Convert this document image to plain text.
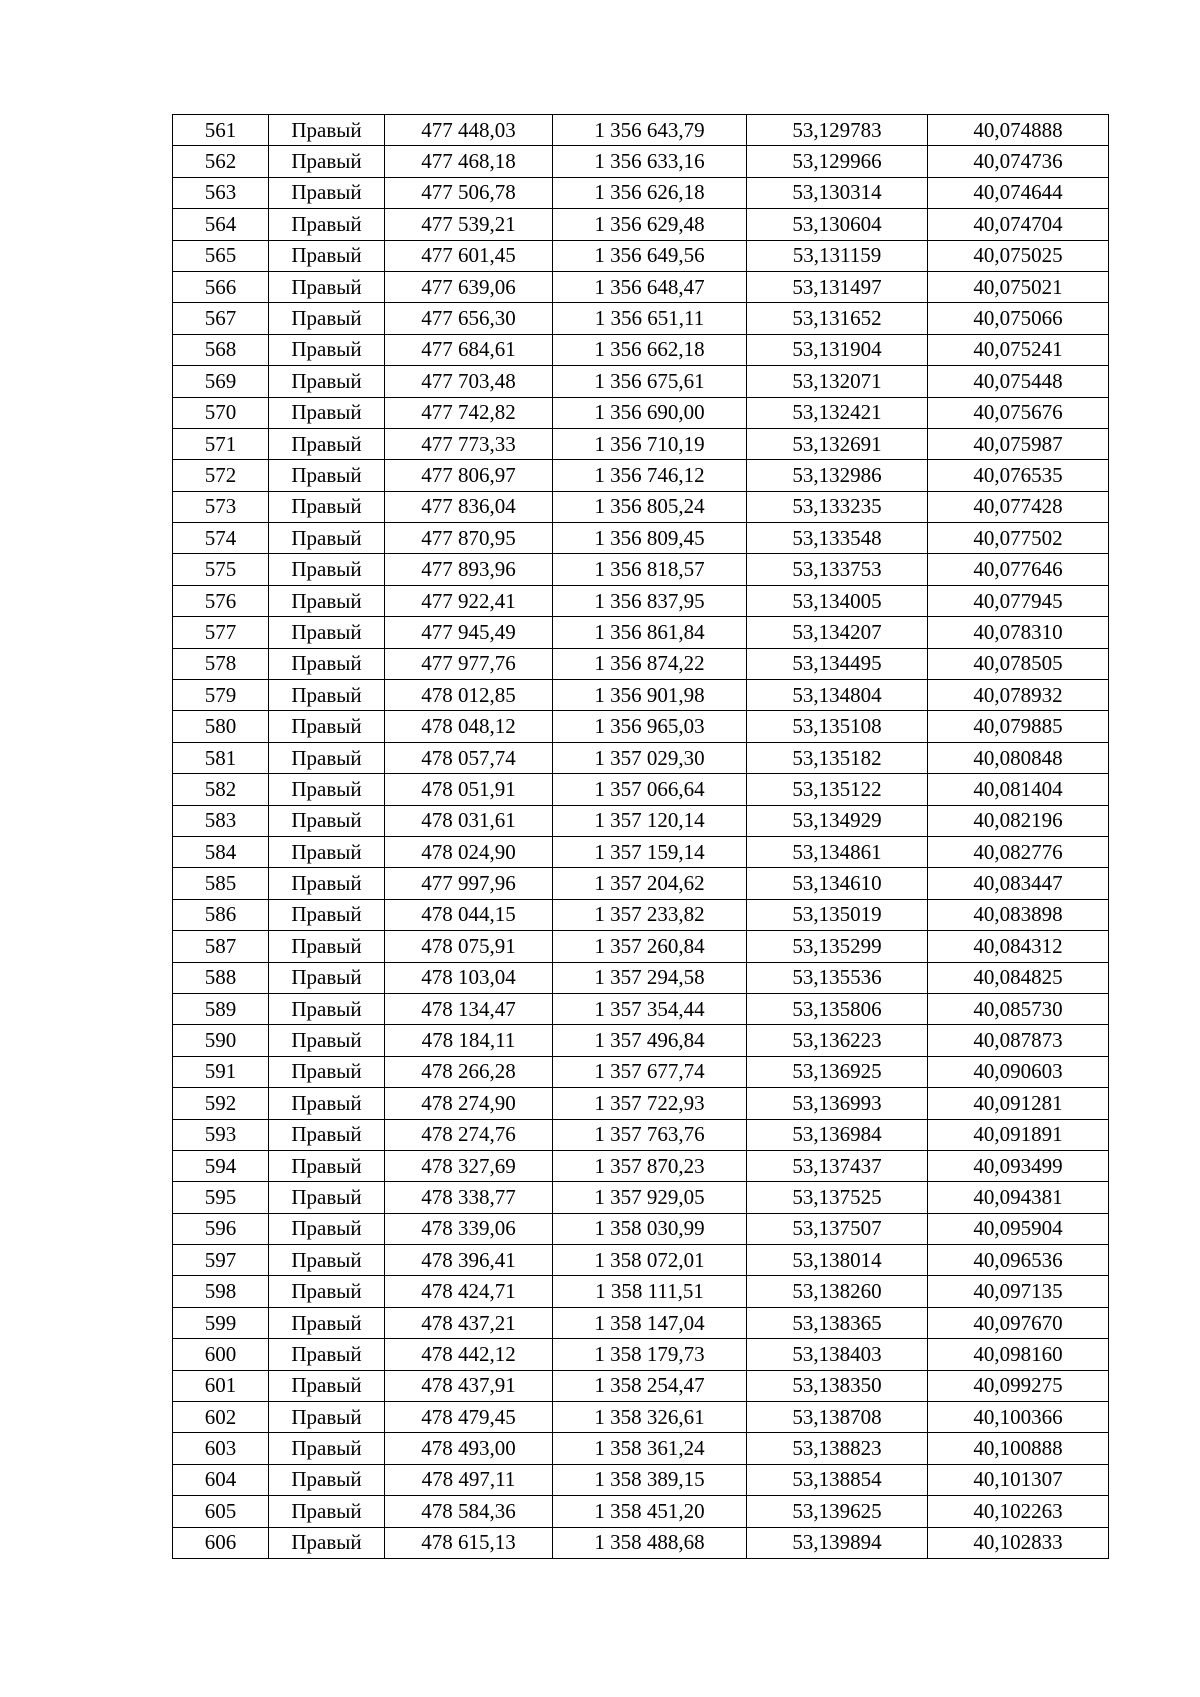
561	Правый	477 448,03	1 356 643,79	53,129783	40,074888
562	Правый	477 468,18	1 356 633,16	53,129966	40,074736
563	Правый	477 506,78	1 356 626,18	53,130314	40,074644
564	Правый	477 539,21	1 356 629,48	53,130604	40,074704
565	Правый	477 601,45	1 356 649,56	53,131159	40,075025
566	Правый	477 639,06	1 356 648,47	53,131497	40,075021
567	Правый	477 656,30	1 356 651,11	53,131652	40,075066
568	Правый	477 684,61	1 356 662,18	53,131904	40,075241
569	Правый	477 703,48	1 356 675,61	53,132071	40,075448
570	Правый	477 742,82	1 356 690,00	53,132421	40,075676
571	Правый	477 773,33	1 356 710,19	53,132691	40,075987
572	Правый	477 806,97	1 356 746,12	53,132986	40,076535
573	Правый	477 836,04	1 356 805,24	53,133235	40,077428
574	Правый	477 870,95	1 356 809,45	53,133548	40,077502
575	Правый	477 893,96	1 356 818,57	53,133753	40,077646
576	Правый	477 922,41	1 356 837,95	53,134005	40,077945
577	Правый	477 945,49	1 356 861,84	53,134207	40,078310
578	Правый	477 977,76	1 356 874,22	53,134495	40,078505
579	Правый	478 012,85	1 356 901,98	53,134804	40,078932
580	Правый	478 048,12	1 356 965,03	53,135108	40,079885
581	Правый	478 057,74	1 357 029,30	53,135182	40,080848
582	Правый	478 051,91	1 357 066,64	53,135122	40,081404
583	Правый	478 031,61	1 357 120,14	53,134929	40,082196
584	Правый	478 024,90	1 357 159,14	53,134861	40,082776
585	Правый	477 997,96	1 357 204,62	53,134610	40,083447
586	Правый	478 044,15	1 357 233,82	53,135019	40,083898
587	Правый	478 075,91	1 357 260,84	53,135299	40,084312
588	Правый	478 103,04	1 357 294,58	53,135536	40,084825
589	Правый	478 134,47	1 357 354,44	53,135806	40,085730
590	Правый	478 184,11	1 357 496,84	53,136223	40,087873
591	Правый	478 266,28	1 357 677,74	53,136925	40,090603
592	Правый	478 274,90	1 357 722,93	53,136993	40,091281
593	Правый	478 274,76	1 357 763,76	53,136984	40,091891
594	Правый	478 327,69	1 357 870,23	53,137437	40,093499
595	Правый	478 338,77	1 357 929,05	53,137525	40,094381
596	Правый	478 339,06	1 358 030,99	53,137507	40,095904
597	Правый	478 396,41	1 358 072,01	53,138014	40,096536
598	Правый	478 424,71	1 358 111,51	53,138260	40,097135
599	Правый	478 437,21	1 358 147,04	53,138365	40,097670
600	Правый	478 442,12	1 358 179,73	53,138403	40,098160
601	Правый	478 437,91	1 358 254,47	53,138350	40,099275
602	Правый	478 479,45	1 358 326,61	53,138708	40,100366
603	Правый	478 493,00	1 358 361,24	53,138823	40,100888
604	Правый	478 497,11	1 358 389,15	53,138854	40,101307
605	Правый	478 584,36	1 358 451,20	53,139625	40,102263
606	Правый	478 615,13	1 358 488,68	53,139894	40,102833
